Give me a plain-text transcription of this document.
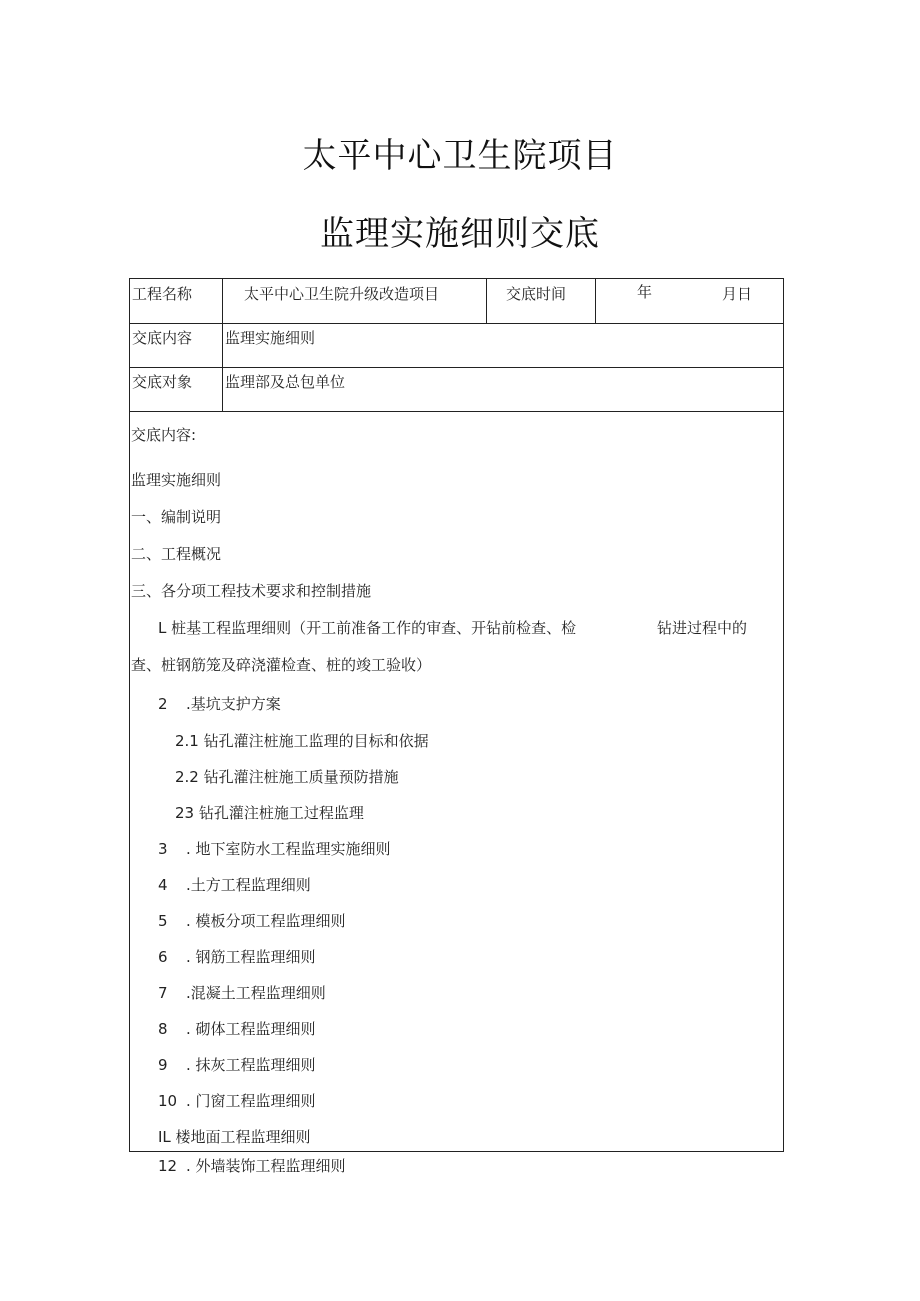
太平中心卫生院项目
监理实施细则交底
工程名称	太平中心卫生院升级改造项目	交底时间	年	月日
交底内容 监理实施细则
交底对象 监理部及总包单位
交底内容:
监理实施细则
一、编制说明
二、工程概况
三、各分项工程技术要求和控制措施
L 桩基工程监理细则（开工前准备工作的审查、开钻前检查、检	钻进过程中的
查、桩钢筋笼及碎浇灌检查、桩的竣工验收）
2 .基坑支护方案
2.1 钻孔灌注桩施工监理的目标和依据
2.2 钻孔灌注桩施工质量预防措施
23 钻孔灌注桩施工过程监理
3 . 地下室防水工程监理实施细则
4 .土方工程监理细则
5 . 模板分项工程监理细则
6 . 钢筋工程监理细则
7 .混凝土工程监理细则
8 . 砌体工程监理细则
9 . 抹灰工程监理细则
10 . 门窗工程监理细则
IL 楼地面工程监理细则
12 . 外墙装饰工程监理细则
